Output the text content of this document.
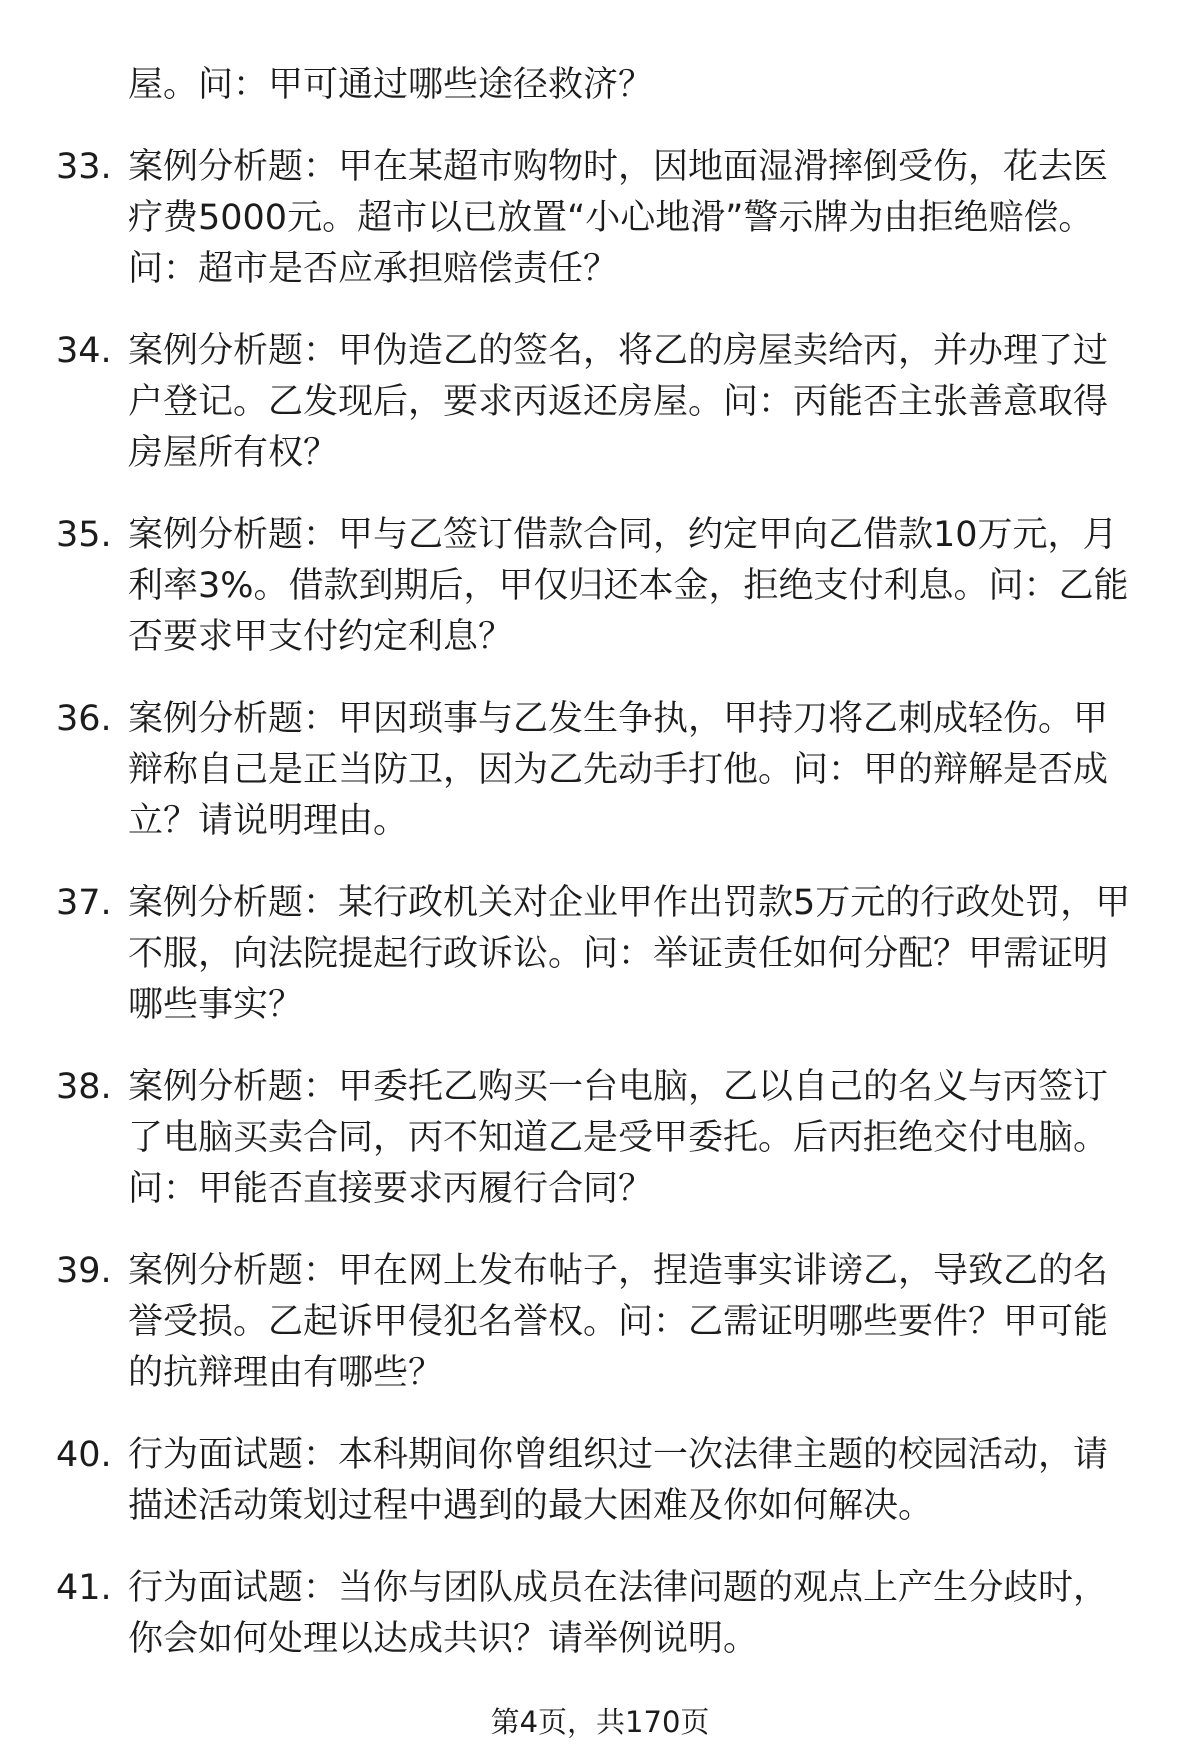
屋。问：甲可通过哪些途径救济？
33. 案例分析题：甲在某超市购物时，因地面湿滑摔倒受伤，花去医
疗费5000元。超市以已放置“小心地滑”警示牌为由拒绝赔偿。
问：超市是否应承担赔偿责任？
34. 案例分析题：甲伪造乙的签名，将乙的房屋卖给丙，并办理了过
户登记。乙发现后，要求丙返还房屋。问：丙能否主张善意取得
房屋所有权？
35. 案例分析题：甲与乙签订借款合同，约定甲向乙借款10万元，月
利率3%。借款到期后，甲仅归还本金，拒绝支付利息。问：乙能
否要求甲支付约定利息？
36. 案例分析题：甲因琐事与乙发生争执，甲持刀将乙刺成轻伤。甲
辩称自己是正当防卫，因为乙先动手打他。问：甲的辩解是否成
立？请说明理由。
37. 案例分析题：某行政机关对企业甲作出罚款5万元的行政处罚，甲
不服，向法院提起行政诉讼。问：举证责任如何分配？甲需证明
哪些事实？
38. 案例分析题：甲委托乙购买一台电脑，乙以自己的名义与丙签订
了电脑买卖合同，丙不知道乙是受甲委托。后丙拒绝交付电脑。
问：甲能否直接要求丙履行合同？
39. 案例分析题：甲在网上发布帖子，捏造事实诽谤乙，导致乙的名
誉受损。乙起诉甲侵犯名誉权。问：乙需证明哪些要件？甲可能
的抗辩理由有哪些？
40. 行为面试题：本科期间你曾组织过一次法律主题的校园活动，请
描述活动策划过程中遇到的最大困难及你如何解决。
41. 行为面试题：当你与团队成员在法律问题的观点上产生分歧时，
你会如何处理以达成共识？请举例说明。
第4页，共170页
